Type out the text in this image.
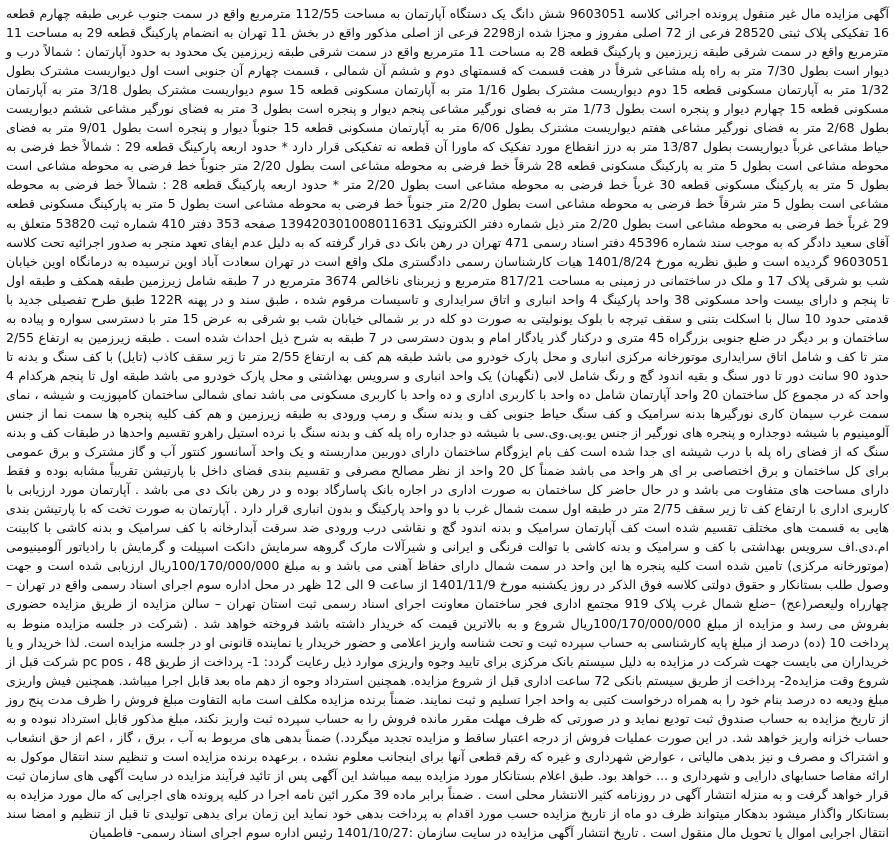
آگهی مزایده مال غیر منقول پرونده اجرائی کلاسه 9603051 شش دانگ یک دستگاه آپارتمان به مساحت 112/55 مترمربع واقع در سمت جنوب غربی طبقه چهارم قطعه 16 تفکیکی پلاک ثبتی 28520 فرعی از 72 اصلی مفروز و مجزا شده از2298 فرعی از اصلی مذکور واقع در بخش 11 تهران به انضمام پارکینگ قطعه 29 به مساحت 11 مترمربع واقع در سمت شرقی طبقه زیرزمین و پارکینگ قطعه 28 به مساحت 11 مترمربع واقع در سمت شرقی طبقه زیرزمین یک محدود به حدود آپارتمان : شمالاً درب و دیوار است بطول 7/30 متر به راه پله مشاعی شرقاً در هفت قسمت که قسمتهای دوم و ششم آن شمالی ، قسمت چهارم آن جنوبی است اول دیواریست مشترک بطول 1/32 متر به آپارتمان مسکونی قطعه 15 دوم دیواریست مشترک بطول 1/16 متر به آپارتمان مسکونی قطعه 15 سوم دیواریست مشترک بطول 3/18 متر به آپارتمان مسکونی قطعه 15 چهارم دیوار و پنجره است بطول 1/73 متر به فضای نورگیر مشاعی پنجم دیوار و پنجره است بطول 3 متر به فضای نورگیر مشاعی ششم دیواریست بطول 2/68 متر به فضای نورگیر مشاعی هفتم دیواریست مشترک بطول 6/06 متر به آپارتمان مسکونی قطعه 15 جنوباً دیوار و پنجره است بطول 9/01 متر به فضای حیاط مشاعی غرباً دیواریست بطول 13/87 متر به درز انقطاع مورد تفکیک که ماورا آن قطعه نه تفکیکی قرار دارد * حدود اربعه پارکینگ قطعه 29 : شمالاً خط فرضی به محوطه مشاعی است بطول 5 متر به پارکینگ مسکونی قطعه 28 شرقاً خط فرضی به محوطه مشاعی است بطول 2/20 متر جنوباً خط فرضی به محوطه مشاعی است بطول 5 متر به پارکینگ مسکونی قطعه 30 غرباً خط فرضی به محوطه مشاعی است بطول 2/20 متر * حدود اربعه پارکینگ قطعه 28 : شمالاً خط فرضی به محوطه مشاعی است بطول 5 متر شرقاً خط فرضی به محوطه مشاعی است بطول 2/20 متر جنوباً خط فرضی به محوطه مشاعی است بطول 5 متر به پارکینگ مسکونی قطعه 29 غرباً خط فرضی به محوطه مشاعی است بطول 2/20 متر ذیل شماره دفتر الکترونیک 139420301008011631 صفحه 353 دفتر 410 شماره ثبت 53820 متعلق به آقای سعید دادگر که به موجب سند شماره 45396 دفتر اسناد رسمی 471 تهران در رهن بانک دی قرار گرفته که به دلیل عدم ایفای تعهد منجر به صدور اجرائیه تحت کلاسه 9603051 گردیده است و طبق نظریه مورخ 1401/8/24 هیات کارشناسان رسمی دادگستری ملک واقع است در تهران سعادت آباد اوین نرسیده به درمانگاه اوین خیابان شب بو شرقی پلاک 17 و ملک در ساختمانی در زمینی به مساحت 817/21 مترمربع و زیربنای ناخالص 3674 مترمربع در 7 طبقه شامل زیرزمین طبقه همکف و طبقه اول تا پنجم و دارای بیست واحد مسکونی 38 واحد پارکینگ 4 واحد انباری و اتاق سرایداری و تاسیسات مرقوم شده ، طبق سند و در پهنه 122R طبق طرح تفصیلی جدید با قدمتی حدود 10 سال با اسکلت بتنی و سقف تیرچه با بلوک یونولیتی به صورت دو کله در بر شمالی خیابان شب بو شرقی به عرض 15 متر با دسترسی سواره و پیاده به ساختمان و بر دیگر در ضلع جنوبی بزرگراه 45 متری و درکنار گذر یادگار امام و بدون دسترسی در 7 طبقه به شرح ذیل احداث شده است . طبقه زیرزمین به ارتفاع 2/55 متر تا کف و شامل اتاق سرایداری موتورخانه مرکزی انباری و محل پارک خودرو می باشد طبقه هم کف به ارتفاع 2/55 متر تا زیر سقف کاذب (تایل) با کف سنگ و بدنه تا حدود 90 سانت دور تا دور سنگ و بقیه اندود گچ و رنگ شامل لابی (نگهبان) یک واحد انباری و سرویس بهداشتی و محل پارک خودرو می باشد طبقه اول تا پنجم هرکدام 4 واحد که در مجموع کل ساختمان 20 واحد آپارتمان شامل ده واحد با کاربری اداری و ده واحد با کاربری مسکونی می باشد نمای شمالی ساختمان کامپوزیت و شیشه ، نمای سمت غرب سیمان کاری نورگیرها بدنه سرامیک و کف سنگ حیاط جنوبی کف و بدنه سنگ و رمپ ورودی به طبقه زیرزمین و هم کف کلیه پنجره ها سمت نما از جنس آلومینیوم با شیشه دوجداره و پنجره های نورگیر از جنس یو.پی.وی.سی با شیشه دو جداره راه پله کف و بدنه سنگ با نرده استیل راهرو تقسیم واحدها در طبقات کف و بدنه سنگ که از فضای راه پله با درب شیشه ای جدا شده است کف بام ایزوگام ساختمان دارای دوربین مداربسته و یک واحد آسانسور کنتور آب و گاز مشترک و برق عمومی برای کل ساختمان و برق اختصاصی بر ای هر واحد می باشد ضمناً کل 20 واحد از نظر مصالح مصرفی و تقسیم بندی فضای داخل با پارتیشن تقریباً مشابه بوده و فقط دارای مساحت های متفاوت می باشد و در حال حاضر کل ساختمان به صورت اداری در اجاره بانک پاسارگاد بوده و در رهن بانک دی می باشد . آپارتمان مورد ارزیابی با کاربری اداری با ارتفاع کف تا زیر سقف 2/75 متر در طبقه اول سمت شمال غرب با دو واحد پارکینگ و بدون انباری قرار دارد . آپارتمان به صورت تخت که با پارتیشن بندی هایی به قسمت های مختلف تقسیم شده است کف آپارتمان سرامیک و بدنه اندود گچ و نقاشی درب ورودی ضد سرقت آبدارخانه با کف سرامیک و بدنه کاشی با کابینت ام.دی.اف سرویس بهداشتی با کف و سرامیک و بدنه کاشی با توالت فرنگی و ایرانی و شیرآلات مارک گروهه سرمایش دانکت اسپیلت و گرمایش با رادیاتور آلومینیومی (موتورخانه مرکزی) تامین شده است کلیه پنجره ها این واحد در سمت شمال دارای حفاظ آهنی می باشد و به مبلغ 100/170/000/000ریال ارزیابی شده است و جهت وصول طلب بستانکار و حقوق دولتی کلاسه فوق الذکر در روز یکشنبه مورخ 1401/11/9 از ساعت 9 الی 12 ظهر در محل اداره سوم اجرای اسناد رسمی واقع در تهران – چهارراه ولیعصر(عج) –ضلع شمال غرب پلاک 919 مجتمع اداری فجر ساختمان معاونت اجرای اسناد رسمی ثبت استان تهران – سالن مزایده از طریق مزایده حضوری بفروش می رسد و مزایده از مبلغ 100/170/000/000ریال شروع و به بالاترین قیمت که خریدار داشته باشد فروخته خواهد شد . (شرکت در جلسه مزایده منوط به پرداخت 10 (ده) درصد از مبلغ پایه کارشناسی به حساب سپرده ثبت و تحت شناسه واریز اعلامی و حضور خریدار یا نماینده قانونی او در جلسه مزایده است. لذا خریدار و یا خریداران می بایست جهت شرکت در مزایده به دلیل سیستم بانک مرکزی برای تایید وجوه واریزی موارد ذیل رعایت گردد: 1- پرداخت از طریق 48 ، pc pos شرکت قبل از شروع وقت مزایده2- پرداخت از طریق سیستم بانکی 72 ساعت اداری قبل از شروع مزایده. همچنین استرداد وجوه از دهم ماه بعد قابل اجرا میباشد. همچنین فیش واریزی مبلغ ودیعه ده درصد بنام خود را به همراه درخواست کتبی به واحد اجرا تسلیم و ثبت نمایند. ضمناً برنده مزایده مکلف است مابه التفاوت مبلغ فروش را ظرف مدت پنج روز از تاریخ مزایده به حساب صندوق ثبت تودیع نماید و در صورتی که ظرف مهلت مقرر مانده فروش را به حساب سپرده ثبت واریز نکند، مبلغ مذکور قابل استرداد نبوده و به حساب خزانه واریز خواهد شد. در این صورت عملیات فروش از درجه اعتبار ساقط و مزایده تجدید میگردد.) ضمناً بدهی های مربوط به آب ، برق ، گاز ، اعم از حق انشعاب و اشتراک و مصرف و نیز بدهی مالیاتی ، عوارض شهرداری و غیره که رقم قطعی آنها برای اینجانب معلوم نشده ، برعهده برنده مزایده است و تنظیم سند انتقال موکول به ارائه مفاصا حسابهای دارایی و شهرداری و ... خواهد بود. طبق اعلام بستانکار مورد مزایده بیمه میباشد این آگهی پس از تائید فرآیند مزایده در سایت آگهی های سازمان ثبت قرار خواهد گرفت و به منزله انتشار آگهی در روزنامه کثیر الانتشار محلی است . ضمناً برابر ماده 39 مکرر ائین نامه اجرا در کلیه پرونده های اجرایی که مال مورد مزایده به بستانکار واگذار میشود بدهکار میتواند ظرف دو ماه از تاریخ مزایده حسب مورد اقدام به پرداخت بدهی خود نماید این زمان برای بدهی تولیدی تا قبل از تنظیم و امضا سند انتقال اجرایی اموال یا تحویل مال منقول است . تاریخ انتشار آگهی مزایده در سایت سازمان :1401/10/27 رئیس اداره سوم اجرای اسناد رسمی- فاطمیان
